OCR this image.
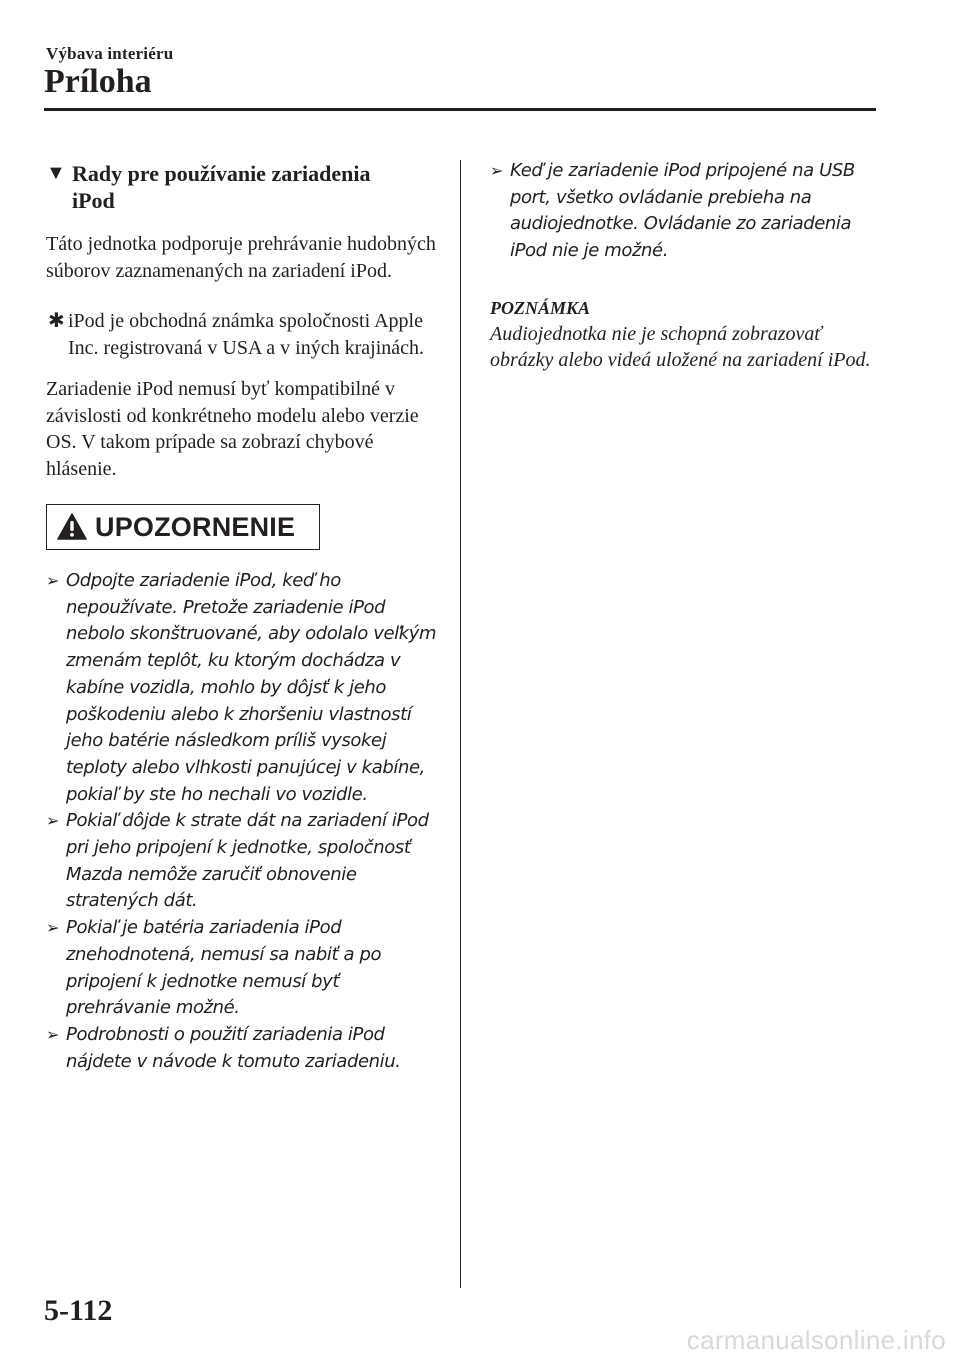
Výbava interiéru
Príloha
▼ Rady pre používanie zariadenia iPod

Táto jednotka podporuje prehrávanie hudobných súborov zaznamenaných na zariadení iPod.

✱ iPod je obchodná známka spoločnosti Apple Inc. registrovaná v USA a v iných krajinách.

Zariadenie iPod nemusí byť kompatibilné v závislosti od konkrétneho modelu alebo verzie OS. V takom prípade sa zobrazí chybové hlásenie.

UPOZORNENIE
➢ Odpojte zariadenie iPod, keď ho nepoužívate. Pretože zariadenie iPod nebolo skonštruované, aby odolalo veľkým zmenám teplôt, ku ktorým dochádza v kabíne vozidla, mohlo by dôjsť k jeho poškodeniu alebo k zhoršeniu vlastností jeho batérie následkom príliš vysokej teploty alebo vlhkosti panujúcej v kabíne, pokiaľ by ste ho nechali vo vozidle.
➢ Pokiaľ dôjde k strate dát na zariadení iPod pri jeho pripojení k jednotke, spoločnosť Mazda nemôže zaručiť obnovenie stratených dát.
➢ Pokiaľ je batéria zariadenia iPod znehodnotená, nemusí sa nabiť a po pripojení k jednotke nemusí byť prehrávanie možné.
➢ Podrobnosti o použití zariadenia iPod nájdete v návode k tomuto zariadeniu.
➢ Keď je zariadenie iPod pripojené na USB port, všetko ovládanie prebieha na audiojednotke. Ovládanie zo zariadenia iPod nie je možné.
POZNÁMKA
Audiojednotka nie je schopná zobrazovať obrázky alebo videá uložené na zariadení iPod.
5-112
carmanualsonline.info
